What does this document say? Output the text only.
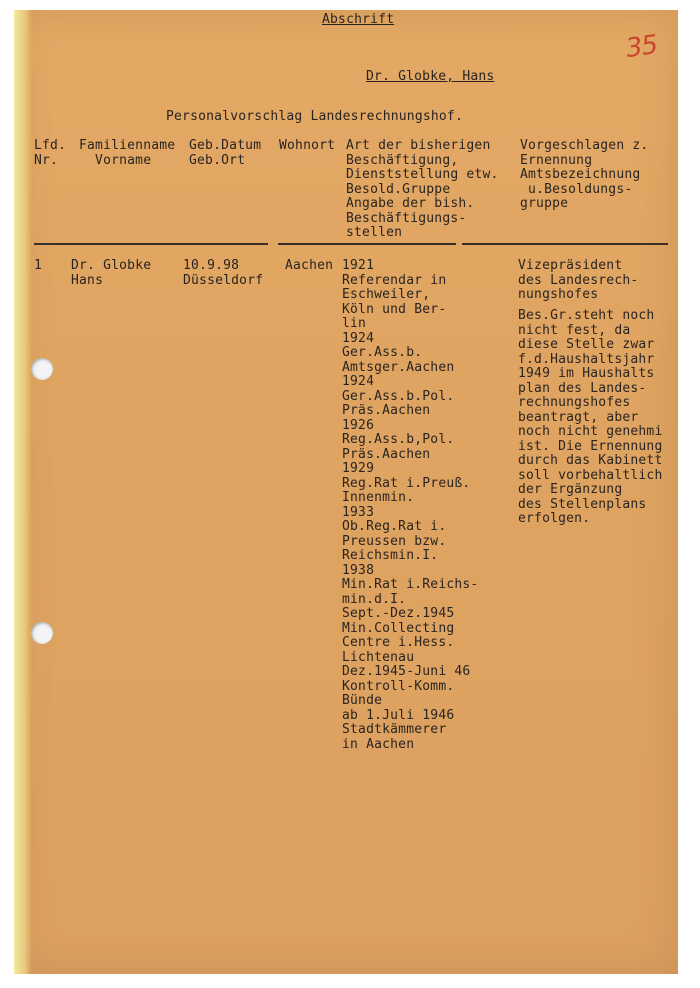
35
Abschrift
Dr. Globke, Hans
Personalvorschlag Landesrechnungshof.
Lfd.
Nr.
Familienname
Vorname
Geb.Datum
Geb.Ort
Wohnort Art der bisherigen
Beschäftigung,
Dienststellung etw.
Besold.Gruppe
Angabe der bish.
Beschäftigungs-
stellen
Vorgeschlagen z.
Ernennung
Amtsbezeichnung
u.Besoldungs-
gruppe
1 Dr. Globke
Hans
10.9.98
Düsseldorf
Aachen 1921
Referendar in
Eschweiler,
Köln und Ber-
lin
1924
Ger.Ass.b.
Amtsger.Aachen
1924
Ger.Ass.b.Pol.
Präs.Aachen
1926
Reg.Ass.b,Pol.
Präs.Aachen
1929
Reg.Rat i.Preuß.
Innenmin.
1933
Ob.Reg.Rat i.
Preussen bzw.
Reichsmin.I.
1938
Min.Rat i.Reichs-
min.d.I.
Sept.-Dez.1945
Min.Collecting
Centre i.Hess.
Lichtenau
Dez.1945-Juni 46
Kontroll-Komm.
Bünde
ab 1.Juli 1946
Stadtkämmerer
in Aachen
Vizepräsident
des Landesrech-
nungshofes
Bes.Gr.steht noch
nicht fest, da
diese Stelle zwar
f.d.Haushaltsjahr
1949 im Haushalts
plan des Landes-
rechnungshofes
beantragt, aber
noch nicht genehmi
ist. Die Ernennung
durch das Kabinett
soll vorbehaltlich
der Ergänzung
des Stellenplans
erfolgen.
